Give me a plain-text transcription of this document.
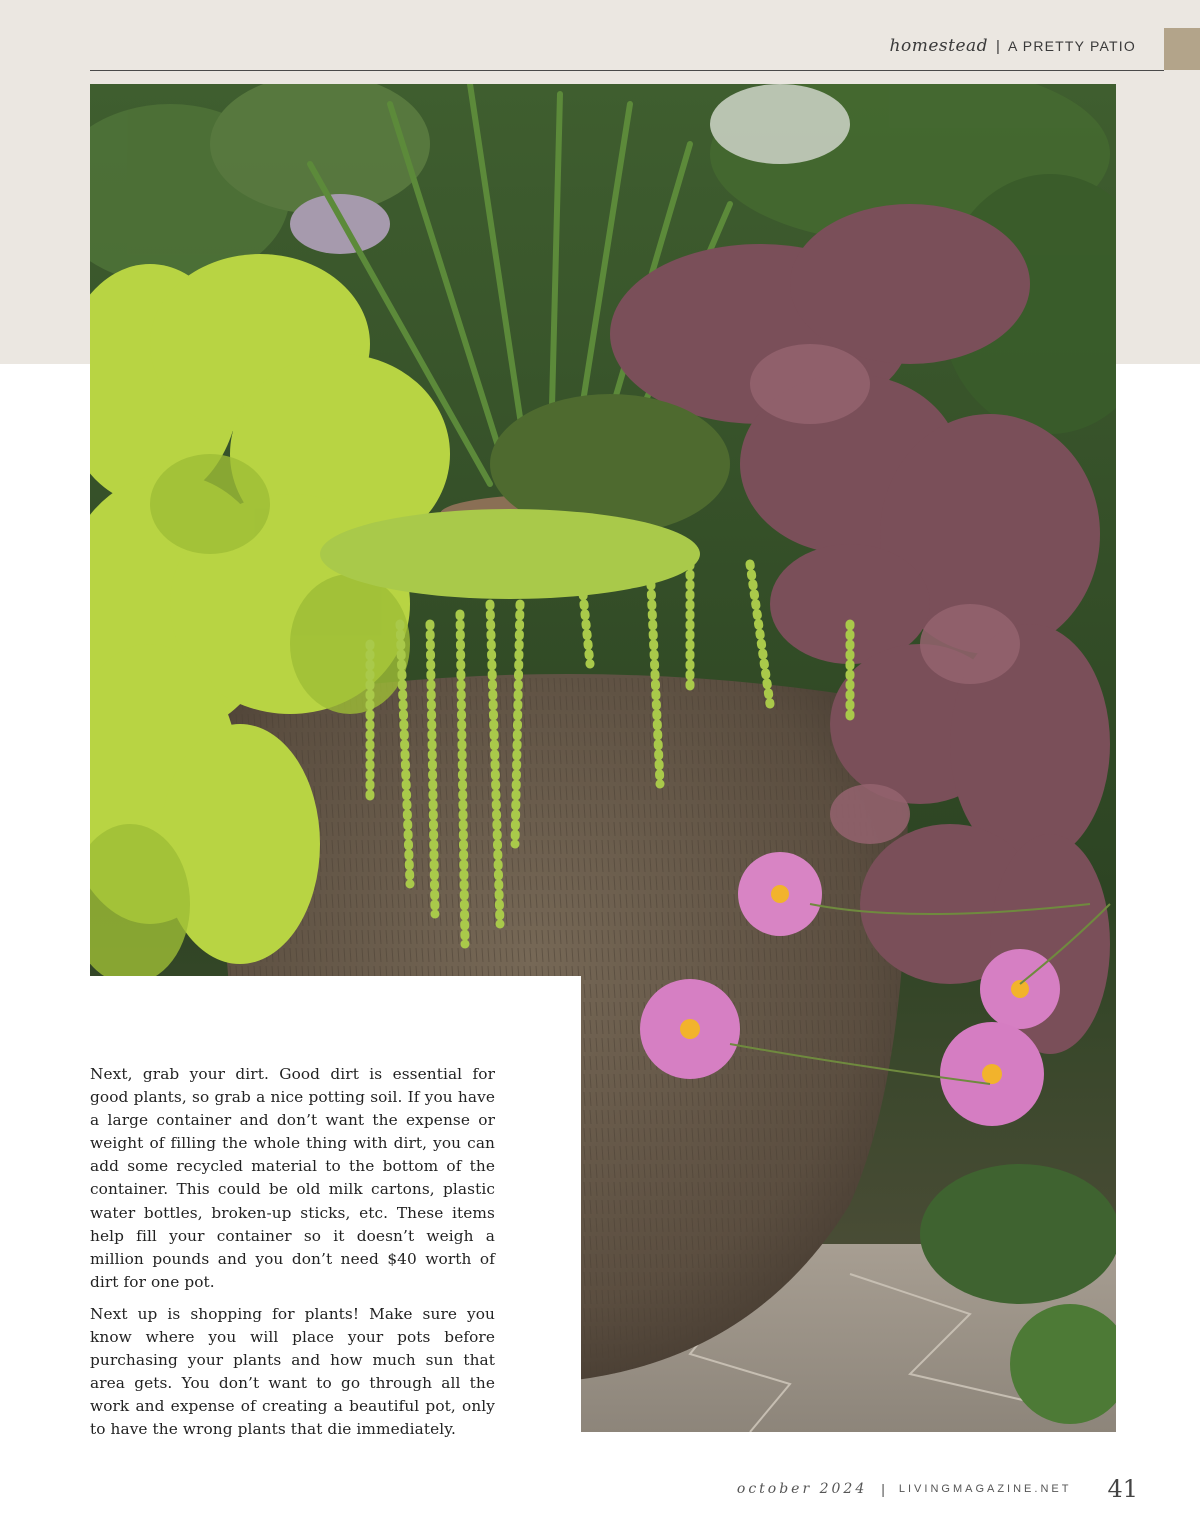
homestead | A PRETTY PATIO

Next, grab your dirt. Good dirt is essential for good plants, so grab a nice potting soil. If you have a large container and don’t want the expense or weight of filling the whole thing with dirt, you can add some recycled material to the bottom of the container. This could be old milk cartons, plastic water bottles, broken-up sticks, etc. These items help fill your container so it doesn’t weigh a million pounds and you don’t need $40 worth of dirt for one pot.

Next up is shopping for plants! Make sure you know where you will place your pots before purchasing your plants and how much sun that area gets. You don’t want to go through all the work and expense of creating a beautiful pot, only to have the wrong plants that die immediately.

october 2024 | LIVINGMAGAZINE.NET 41
